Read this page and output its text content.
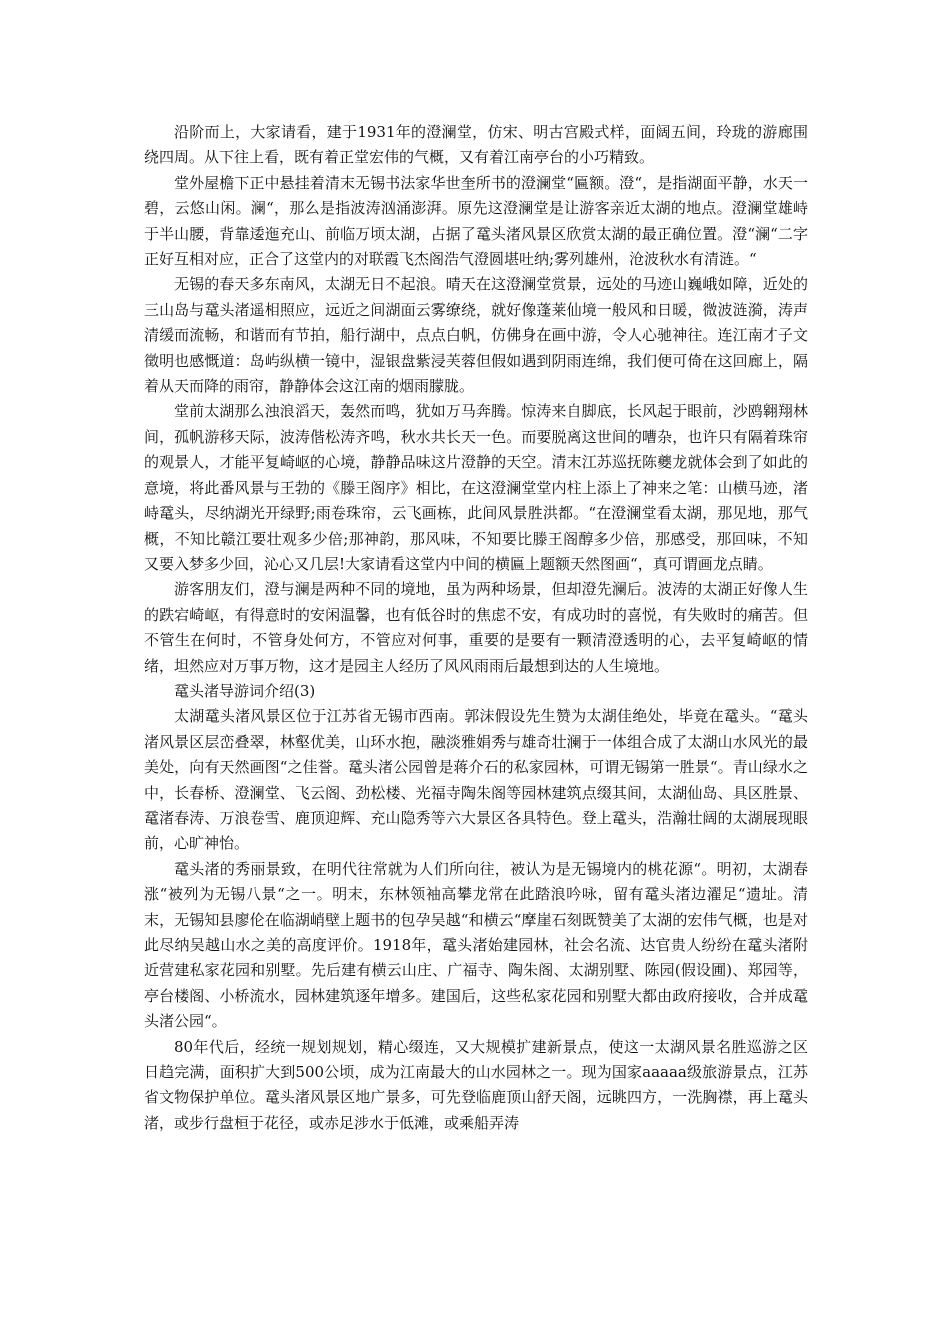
沿阶而上，大家请看，建于1931年的澄澜堂，仿宋、明古宫殿式样，面阔五间，玲珑的游廊围绕四周。从下往上看，既有着正堂宏伟的气概，又有着江南亭台的小巧精致。

堂外屋檐下正中悬挂着清末无锡书法家华世奎所书的澄澜堂“匾额。澄“，是指湖面平静，水天一碧，云悠山闲。澜“，那么是指波涛汹涌澎湃。原先这澄澜堂是让游客亲近太湖的地点。澄澜堂雄峙于半山腰，背靠逶迤充山、前临万顷太湖，占据了鼋头渚风景区欣赏太湖的最正确位置。澄“澜“二字正好互相对应，正合了这堂内的对联霞飞杰阁浩气澄圆堪吐纳;雾列雄州，沧波秋水有清涟。“

无锡的春天多东南风，太湖无日不起浪。晴天在这澄澜堂赏景，远处的马迹山巍峨如障，近处的三山岛与鼋头渚遥相照应，远近之间湖面云雾缭绕，就好像蓬莱仙境一般风和日暖，微波涟漪，涛声清缓而流畅，和谐而有节拍，船行湖中，点点白帆，仿佛身在画中游，令人心驰神往。连江南才子文徵明也感慨道：岛屿纵横一镜中，湿银盘紫浸芙蓉但假如遇到阴雨连绵，我们便可倚在这回廊上，隔着从天而降的雨帘，静静体会这江南的烟雨朦胧。

堂前太湖那么浊浪滔天，轰然而鸣，犹如万马奔腾。惊涛来自脚底，长风起于眼前，沙鸥翱翔林间，孤帆游移天际，波涛偕松涛齐鸣，秋水共长天一色。而要脱离这世间的嘈杂，也许只有隔着珠帘的观景人，才能平复崎岖的心境，静静品味这片澄静的天空。清末江苏巡抚陈夔龙就体会到了如此的意境，将此番风景与王勃的《滕王阁序》相比，在这澄澜堂堂内柱上添上了神来之笔：山横马迹，渚峙鼋头，尽纳湖光开绿野;雨卷珠帘，云飞画栋，此间风景胜洪都。“在澄澜堂看太湖，那见地，那气概，不知比赣江要壮观多少倍;那神韵，那风味，不知要比滕王阁醇多少倍，那感受，那回味，不知又要入梦多少回，沁心又几层!大家请看这堂内中间的横匾上题额天然图画“，真可谓画龙点睛。

游客朋友们，澄与澜是两种不同的境地，虽为两种场景，但却澄先澜后。波涛的太湖正好像人生的跌宕崎岖，有得意时的安闲温馨，也有低谷时的焦虑不安，有成功时的喜悦，有失败时的痛苦。但不管生在何时，不管身处何方，不管应对何事，重要的是要有一颗清澄透明的心，去平复崎岖的情绪，坦然应对万事万物，这才是园主人经历了风风雨雨后最想到达的人生境地。

鼋头渚导游词介绍(3)

太湖鼋头渚风景区位于江苏省无锡市西南。郭沫假设先生赞为太湖佳绝处，毕竟在鼋头。“鼋头渚风景区层峦叠翠，林壑优美，山环水抱，融淡雅娟秀与雄奇壮澜于一体组合成了太湖山水风光的最美处，向有天然画图“之佳誉。鼋头渚公园曾是蒋介石的私家园林，可谓无锡第一胜景“。青山绿水之中，长春桥、澄澜堂、飞云阁、劲松楼、光福寺陶朱阁等园林建筑点缀其间，太湖仙岛、具区胜景、鼋渚春涛、万浪卷雪、鹿顶迎辉、充山隐秀等六大景区各具特色。登上鼋头，浩瀚壮阔的太湖展现眼前，心旷神怡。

鼋头渚的秀丽景致，在明代往常就为人们所向往，被认为是无锡境内的桃花源“。明初，太湖春涨“被列为无锡八景“之一。明末，东林领袖高攀龙常在此踏浪吟咏，留有鼋头渚边濯足“遗址。清末，无锡知县廖伦在临湖峭壁上题书的包孕吴越“和横云“摩崖石刻既赞美了太湖的宏伟气概，也是对此尽纳吴越山水之美的高度评价。1918年，鼋头渚始建园林，社会名流、达官贵人纷纷在鼋头渚附近营建私家花园和别墅。先后建有横云山庄、广福寺、陶朱阁、太湖别墅、陈园(假设圃)、郑园等，亭台楼阁、小桥流水，园林建筑逐年增多。建国后，这些私家花园和别墅大都由政府接收，合并成鼋头渚公园“。

80年代后，经统一规划规划，精心缀连，又大规模扩建新景点，使这一太湖风景名胜巡游之区日趋完满，面积扩大到500公顷，成为江南最大的山水园林之一。现为国家aaaaa级旅游景点，江苏省文物保护单位。鼋头渚风景区地广景多，可先登临鹿顶山舒天阁，远眺四方，一洗胸襟，再上鼋头渚，或步行盘桓于花径，或赤足涉水于低滩，或乘船弄涛
